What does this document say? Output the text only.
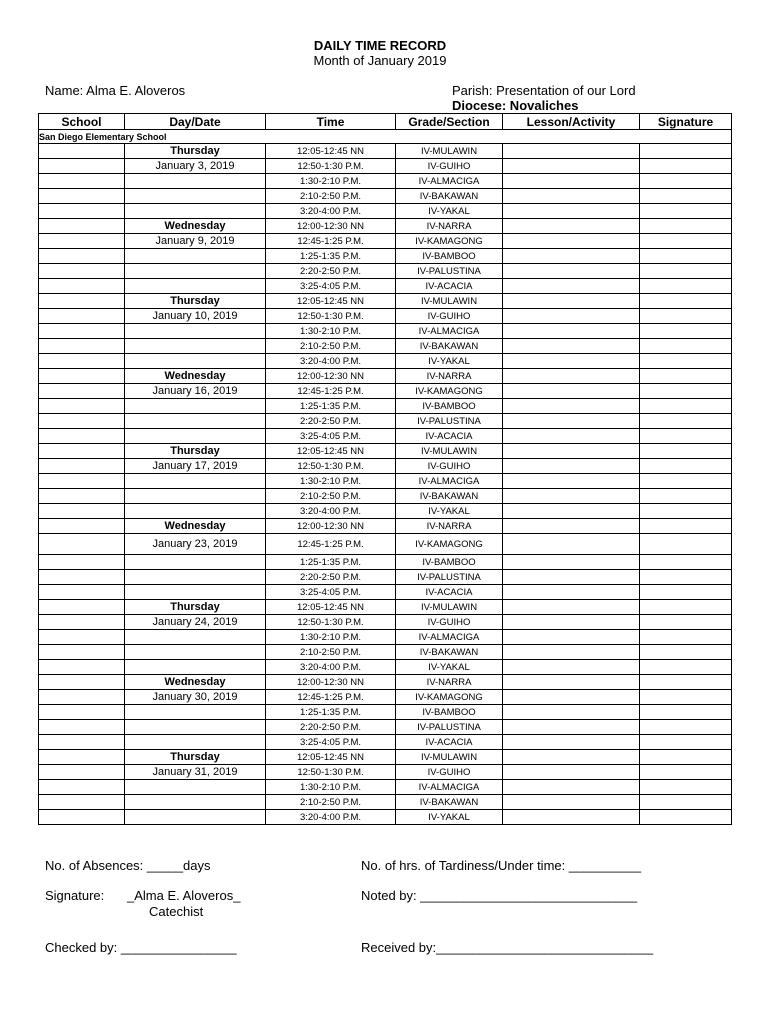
DAILY TIME RECORD
Month of January 2019
Name: Alma E. Aloveros	Parish: Presentation of our Lord
Diocese: Novaliches
School	Day/Date	Time	Grade/Section	Lesson/Activity	Signature
San Diego Elementary School					
	Thursday	12:05-12:45 NN	IV-MULAWIN		
	January 3, 2019	12:50-1:30 P.M.	IV-GUIHO		
		1:30-2:10 P.M.	IV-ALMACIGA		
		2:10-2:50 P.M.	IV-BAKAWAN		
		3:20-4:00 P.M.	IV-YAKAL		
	Wednesday	12:00-12:30 NN	IV-NARRA		
	January 9, 2019	12:45-1:25 P.M.	IV-KAMAGONG		
		1:25-1:35 P.M.	IV-BAMBOO		
		2:20-2:50 P.M.	IV-PALUSTINA		
		3:25-4:05 P.M.	IV-ACACIA		
	Thursday	12:05-12:45 NN	IV-MULAWIN		
	January 10, 2019	12:50-1:30 P.M.	IV-GUIHO		
		1:30-2:10 P.M.	IV-ALMACIGA		
		2:10-2:50 P.M.	IV-BAKAWAN		
		3:20-4:00 P.M.	IV-YAKAL		
	Wednesday	12:00-12:30 NN	IV-NARRA		
	January 16, 2019	12:45-1:25 P.M.	IV-KAMAGONG		
		1:25-1:35 P.M.	IV-BAMBOO		
		2:20-2:50 P.M.	IV-PALUSTINA		
		3:25-4:05 P.M.	IV-ACACIA		
	Thursday	12:05-12:45 NN	IV-MULAWIN		
	January 17, 2019	12:50-1:30 P.M.	IV-GUIHO		
		1:30-2:10 P.M.	IV-ALMACIGA		
		2:10-2:50 P.M.	IV-BAKAWAN		
		3:20-4:00 P.M.	IV-YAKAL		
	Wednesday	12:00-12:30 NN	IV-NARRA		
	January 23, 2019	12:45-1:25 P.M.	IV-KAMAGONG		
		1:25-1:35 P.M.	IV-BAMBOO		
		2:20-2:50 P.M.	IV-PALUSTINA		
		3:25-4:05 P.M.	IV-ACACIA		
	Thursday	12:05-12:45 NN	IV-MULAWIN		
	January 24, 2019	12:50-1:30 P.M.	IV-GUIHO		
		1:30-2:10 P.M.	IV-ALMACIGA		
		2:10-2:50 P.M.	IV-BAKAWAN		
		3:20-4:00 P.M.	IV-YAKAL		
	Wednesday	12:00-12:30 NN	IV-NARRA		
	January 30, 2019	12:45-1:25 P.M.	IV-KAMAGONG		
		1:25-1:35 P.M.	IV-BAMBOO		
		2:20-2:50 P.M.	IV-PALUSTINA		
		3:25-4:05 P.M.	IV-ACACIA		
	Thursday	12:05-12:45 NN	IV-MULAWIN		
	January 31, 2019	12:50-1:30 P.M.	IV-GUIHO		
		1:30-2:10 P.M.	IV-ALMACIGA		
		2:10-2:50 P.M.	IV-BAKAWAN		
		3:20-4:00 P.M.	IV-YAKAL		
No. of Absences: _____days	No. of hrs. of Tardiness/Under time: __________
Signature: _Alma E. Aloveros_
Catechist
Noted by: ______________________________
Checked by: ________________	Received by:______________________________
